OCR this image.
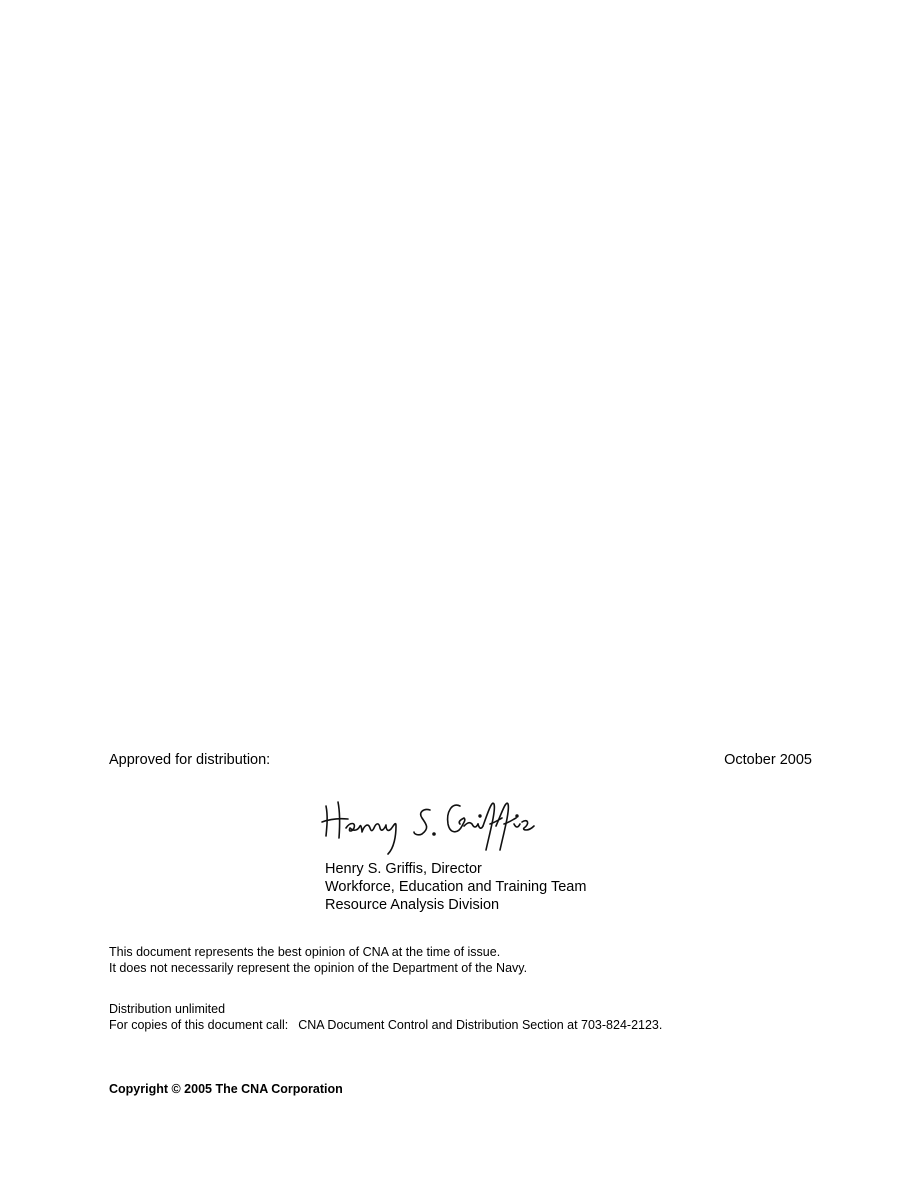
Approved for distribution:	October 2005
Henry S. Griffis, Director
Workforce, Education and Training Team
Resource Analysis Division
This document represents the best opinion of CNA at the time of issue.
It does not necessarily represent the opinion of the Department of the Navy.
Distribution unlimited
For copies of this document call: CNA Document Control and Distribution Section at 703-824-2123.
Copyright © 2005 The CNA Corporation
